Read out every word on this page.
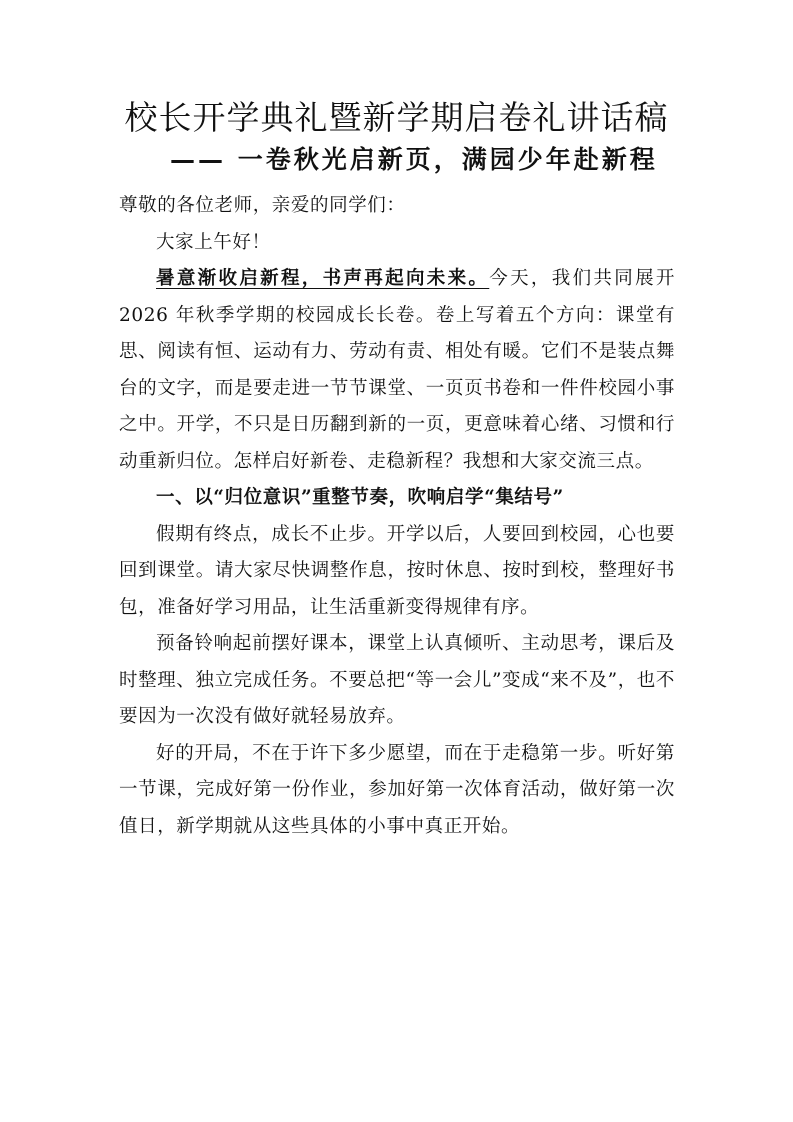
校长开学典礼暨新学期启卷礼讲话稿
—— 一卷秋光启新页，满园少年赴新程

尊敬的各位老师，亲爱的同学们：

大家上午好！

暑意渐收启新程，书声再起向未来。今天，我们共同展开 2026 年秋季学期的校园成长长卷。卷上写着五个方向：课堂有思、阅读有恒、运动有力、劳动有责、相处有暖。它们不是装点舞台的文字，而是要走进一节节课堂、一页页书卷和一件件校园小事之中。开学，不只是日历翻到新的一页，更意味着心绪、习惯和行动重新归位。怎样启好新卷、走稳新程？我想和大家交流三点。

一、以“归位意识”重整节奏，吹响启学“集结号”

假期有终点，成长不止步。开学以后，人要回到校园，心也要回到课堂。请大家尽快调整作息，按时休息、按时到校，整理好书包，准备好学习用品，让生活重新变得规律有序。

预备铃响起前摆好课本，课堂上认真倾听、主动思考，课后及时整理、独立完成任务。不要总把“等一会儿”变成“来不及”，也不要因为一次没有做好就轻易放弃。

好的开局，不在于许下多少愿望，而在于走稳第一步。听好第一节课，完成好第一份作业，参加好第一次体育活动，做好第一次值日，新学期就从这些具体的小事中真正开始。
